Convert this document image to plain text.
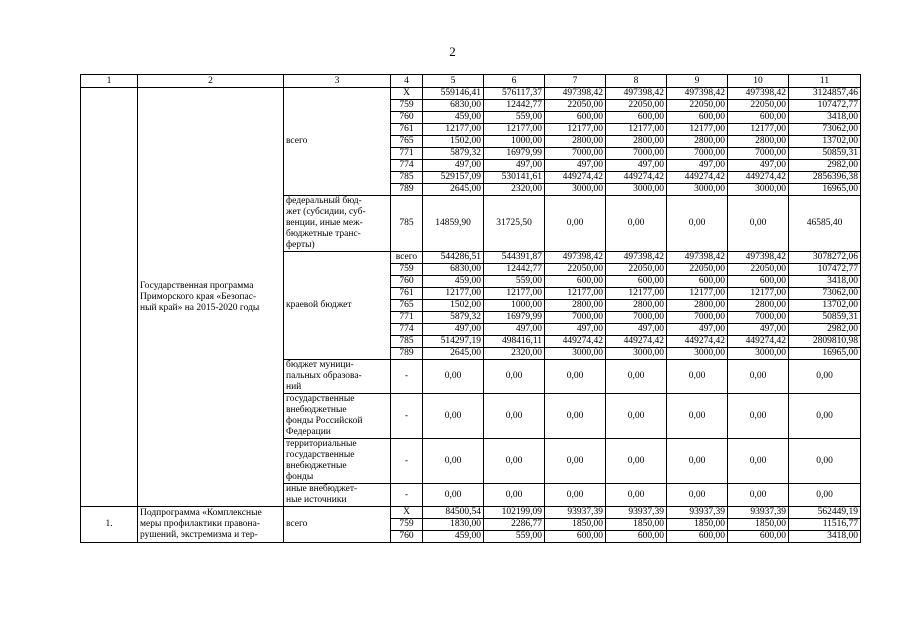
2
1	2	3	4	5	6	7	8	9	10	11
	Государственная программа
Приморского края «Безопас-
ный край» на 2015-2020 годы	всего	X	559146,41	576117,37	497398,42	497398,42	497398,42	497398,42	3124857,46
			759	6830,00	12442,77	22050,00	22050,00	22050,00	22050,00	107472,77
			760	459,00	559,00	600,00	600,00	600,00	600,00	3418,00
			761	12177,00	12177,00	12177,00	12177,00	12177,00	12177,00	73062,00
			765	1502,00	1000,00	2800,00	2800,00	2800,00	2800,00	13702,00
			771	5879,32	16979,99	7000,00	7000,00	7000,00	7000,00	50859,31
			774	497,00	497,00	497,00	497,00	497,00	497,00	2982,00
			785	529157,09	530141,61	449274,42	449274,42	449274,42	449274,42	2856396,38
			789	2645,00	2320,00	3000,00	3000,00	3000,00	3000,00	16965,00
		федеральный бюд-
жет (субсидии, суб-
венции, иные меж-
бюджетные транс-
ферты)	785	14859,90	31725,50	0,00	0,00	0,00	0,00	46585,40
		краевой бюджет	всего	544286,51	544391,87	497398,42	497398,42	497398,42	497398,42	3078272,06
			759	6830,00	12442,77	22050,00	22050,00	22050,00	22050,00	107472,77
			760	459,00	559,00	600,00	600,00	600,00	600,00	3418,00
			761	12177,00	12177,00	12177,00	12177,00	12177,00	12177,00	73062,00
			765	1502,00	1000,00	2800,00	2800,00	2800,00	2800,00	13702,00
			771	5879,32	16979,99	7000,00	7000,00	7000,00	7000,00	50859,31
			774	497,00	497,00	497,00	497,00	497,00	497,00	2982,00
			785	514297,19	498416,11	449274,42	449274,42	449274,42	449274,42	2809810,98
			789	2645,00	2320,00	3000,00	3000,00	3000,00	3000,00	16965,00
		бюджет муници-
пальных образова-
ний	-	0,00	0,00	0,00	0,00	0,00	0,00	0,00
		государственные
внебюджетные
фонды Российской
Федерации	-	0,00	0,00	0,00	0,00	0,00	0,00	0,00
		территориальные
государственные
внебюджетные
фонды	-	0,00	0,00	0,00	0,00	0,00	0,00	0,00
		иные внебюджет-
ные источники	-	0,00	0,00	0,00	0,00	0,00	0,00	0,00
1.	Подпрограмма «Комплексные
меры профилактики правона-
рушений, экстремизма и тер-	всего	X	84500,54	102199,09	93937,39	93937,39	93937,39	93937,39	562449,19
			759	1830,00	2286,77	1850,00	1850,00	1850,00	1850,00	11516,77
			760	459,00	559,00	600,00	600,00	600,00	600,00	3418,00
